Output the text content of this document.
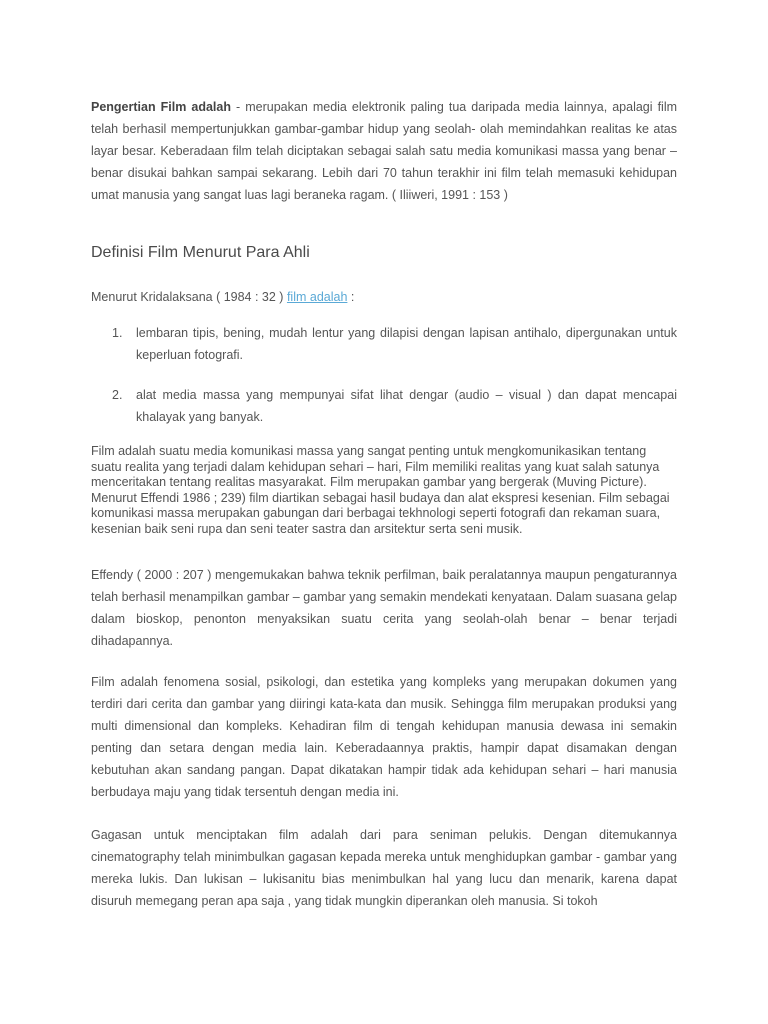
Pengertian Film adalah - merupakan media elektronik paling tua daripada media lainnya, apalagi film telah berhasil mempertunjukkan gambar-gambar hidup yang seolah- olah memindahkan realitas ke atas layar besar. Keberadaan film telah diciptakan sebagai salah satu media komunikasi massa yang benar – benar disukai bahkan sampai sekarang. Lebih dari 70 tahun terakhir ini film telah memasuki kehidupan umat manusia yang sangat luas lagi beraneka ragam. ( Iliiweri, 1991 : 153 )

Definisi Film Menurut Para Ahli

Menurut Kridalaksana ( 1984 : 32 ) film adalah :

1. lembaran tipis, bening, mudah lentur yang dilapisi dengan lapisan antihalo, dipergunakan untuk keperluan fotografi.
2. alat media massa yang mempunyai sifat lihat dengar (audio – visual ) dan dapat mencapai khalayak yang banyak.

Film adalah suatu media komunikasi massa yang sangat penting untuk mengkomunikasikan tentang suatu realita yang terjadi dalam kehidupan sehari – hari, Film memiliki realitas yang kuat salah satunya menceritakan tentang realitas masyarakat. Film merupakan gambar yang bergerak (Muving Picture). Menurut Effendi 1986 ; 239) film diartikan sebagai hasil budaya dan alat ekspresi kesenian. Film sebagai komunikasi massa merupakan gabungan dari berbagai tekhnologi seperti fotografi dan rekaman suara, kesenian baik seni rupa dan seni teater sastra dan arsitektur serta seni musik.

Effendy ( 2000 : 207 ) mengemukakan bahwa teknik perfilman, baik peralatannya maupun pengaturannya telah berhasil menampilkan gambar – gambar yang semakin mendekati kenyataan. Dalam suasana gelap dalam bioskop, penonton menyaksikan suatu cerita yang seolah-olah benar – benar terjadi dihadapannya.

Film adalah fenomena sosial, psikologi, dan estetika yang kompleks yang merupakan dokumen yang terdiri dari cerita dan gambar yang diiringi kata-kata dan musik. Sehingga film merupakan produksi yang multi dimensional dan kompleks. Kehadiran film di tengah kehidupan manusia dewasa ini semakin penting dan setara dengan media lain. Keberadaannya praktis, hampir dapat disamakan dengan kebutuhan akan sandang pangan. Dapat dikatakan hampir tidak ada kehidupan sehari – hari manusia berbudaya maju yang tidak tersentuh dengan media ini.

Gagasan untuk menciptakan film adalah dari para seniman pelukis. Dengan ditemukannya cinematography telah minimbulkan gagasan kepada mereka untuk menghidupkan gambar - gambar yang mereka lukis. Dan lukisan – lukisanitu bias menimbulkan hal yang lucu dan menarik, karena dapat disuruh memegang peran apa saja , yang tidak mungkin diperankan oleh manusia. Si tokoh
